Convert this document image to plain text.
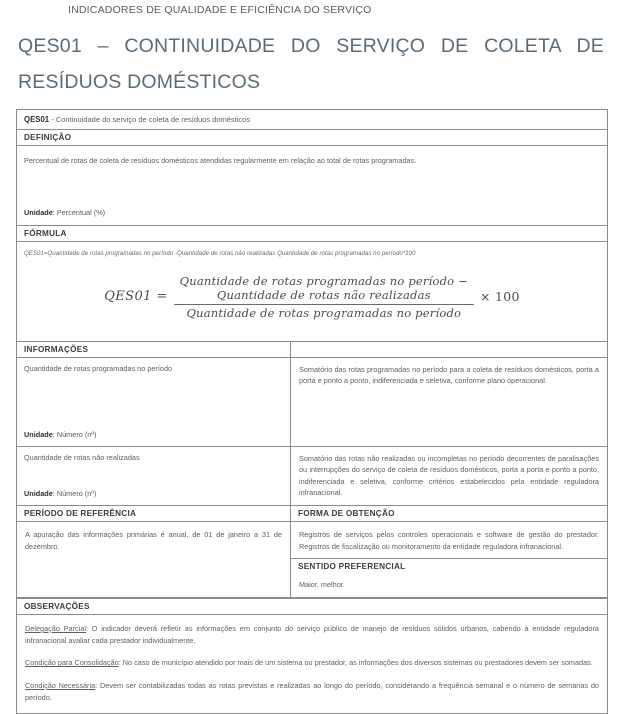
INDICADORES DE QUALIDADE E EFICIÊNCIA DO SERVIÇO
QES01 – CONTINUIDADE DO SERVIÇO DE COLETA DE
RESÍDUOS DOMÉSTICOS
QES01 - Continuidade do serviço de coleta de resíduos domésticos
DEFINIÇÃO
Percentual de rotas de coleta de resíduos domésticos atendidas regularmente em relação ao total de rotas programadas.
Unidade: Percentual (%)
FÓRMULA
QES01=Quantidade de rotas programadas no período -Quantidade de rotas não realizadas Quantidade de rotas programadas no período*100
QES01 =
Quantidade de rotas programadas no período −
Quantidade de rotas não realizadas
Quantidade de rotas programadas no período
× 100
INFORMAÇÕES
Quantidade de rotas programadas no período
Unidade: Número (nº)
Somatório das rotas programadas no período para a coleta de resíduos domésticos, porta a porta e ponto a ponto, indiferenciada e seletiva, conforme plano operacional.
Quantidade de rotas não realizadas
Unidade: Número (nº)
Somatório das rotas não realizadas ou incompletas no período decorrentes de paralisações ou interrupções do serviço de coleta de resíduos domésticos, porta a porta e ponto a ponto, indiferenciada e seletiva, conforme critérios estabelecidos pela entidade reguladora infranacional.
PERÍODO DE REFERÊNCIA
A apuração das informações primárias é anual, de 01 de janeiro a 31 de dezembro.
FORMA DE OBTENÇÃO
Registros de serviços pelos controles operacionais e software de gestão do prestador. Registros de fiscalização ou monitoramento da entidade reguladora infranacional.
SENTIDO PREFERENCIAL
Maior, melhor.
OBSERVAÇÕES

Delegação Parcial: O indicador deverá refletir as informações em conjunto do serviço público de manejo de resíduos sólidos urbanos, cabendo à entidade reguladora infranacional avaliar cada prestador individualmente.

Condição para Consolidação: No caso de município atendido por mais de um sistema ou prestador, as informações dos diversos sistemas ou prestadores devem ser somadas.

Condição Necessária: Devem ser contabilizadas todas as rotas previstas e realizadas ao longo do período, considerando a frequência semanal e o número de semanas do período.
